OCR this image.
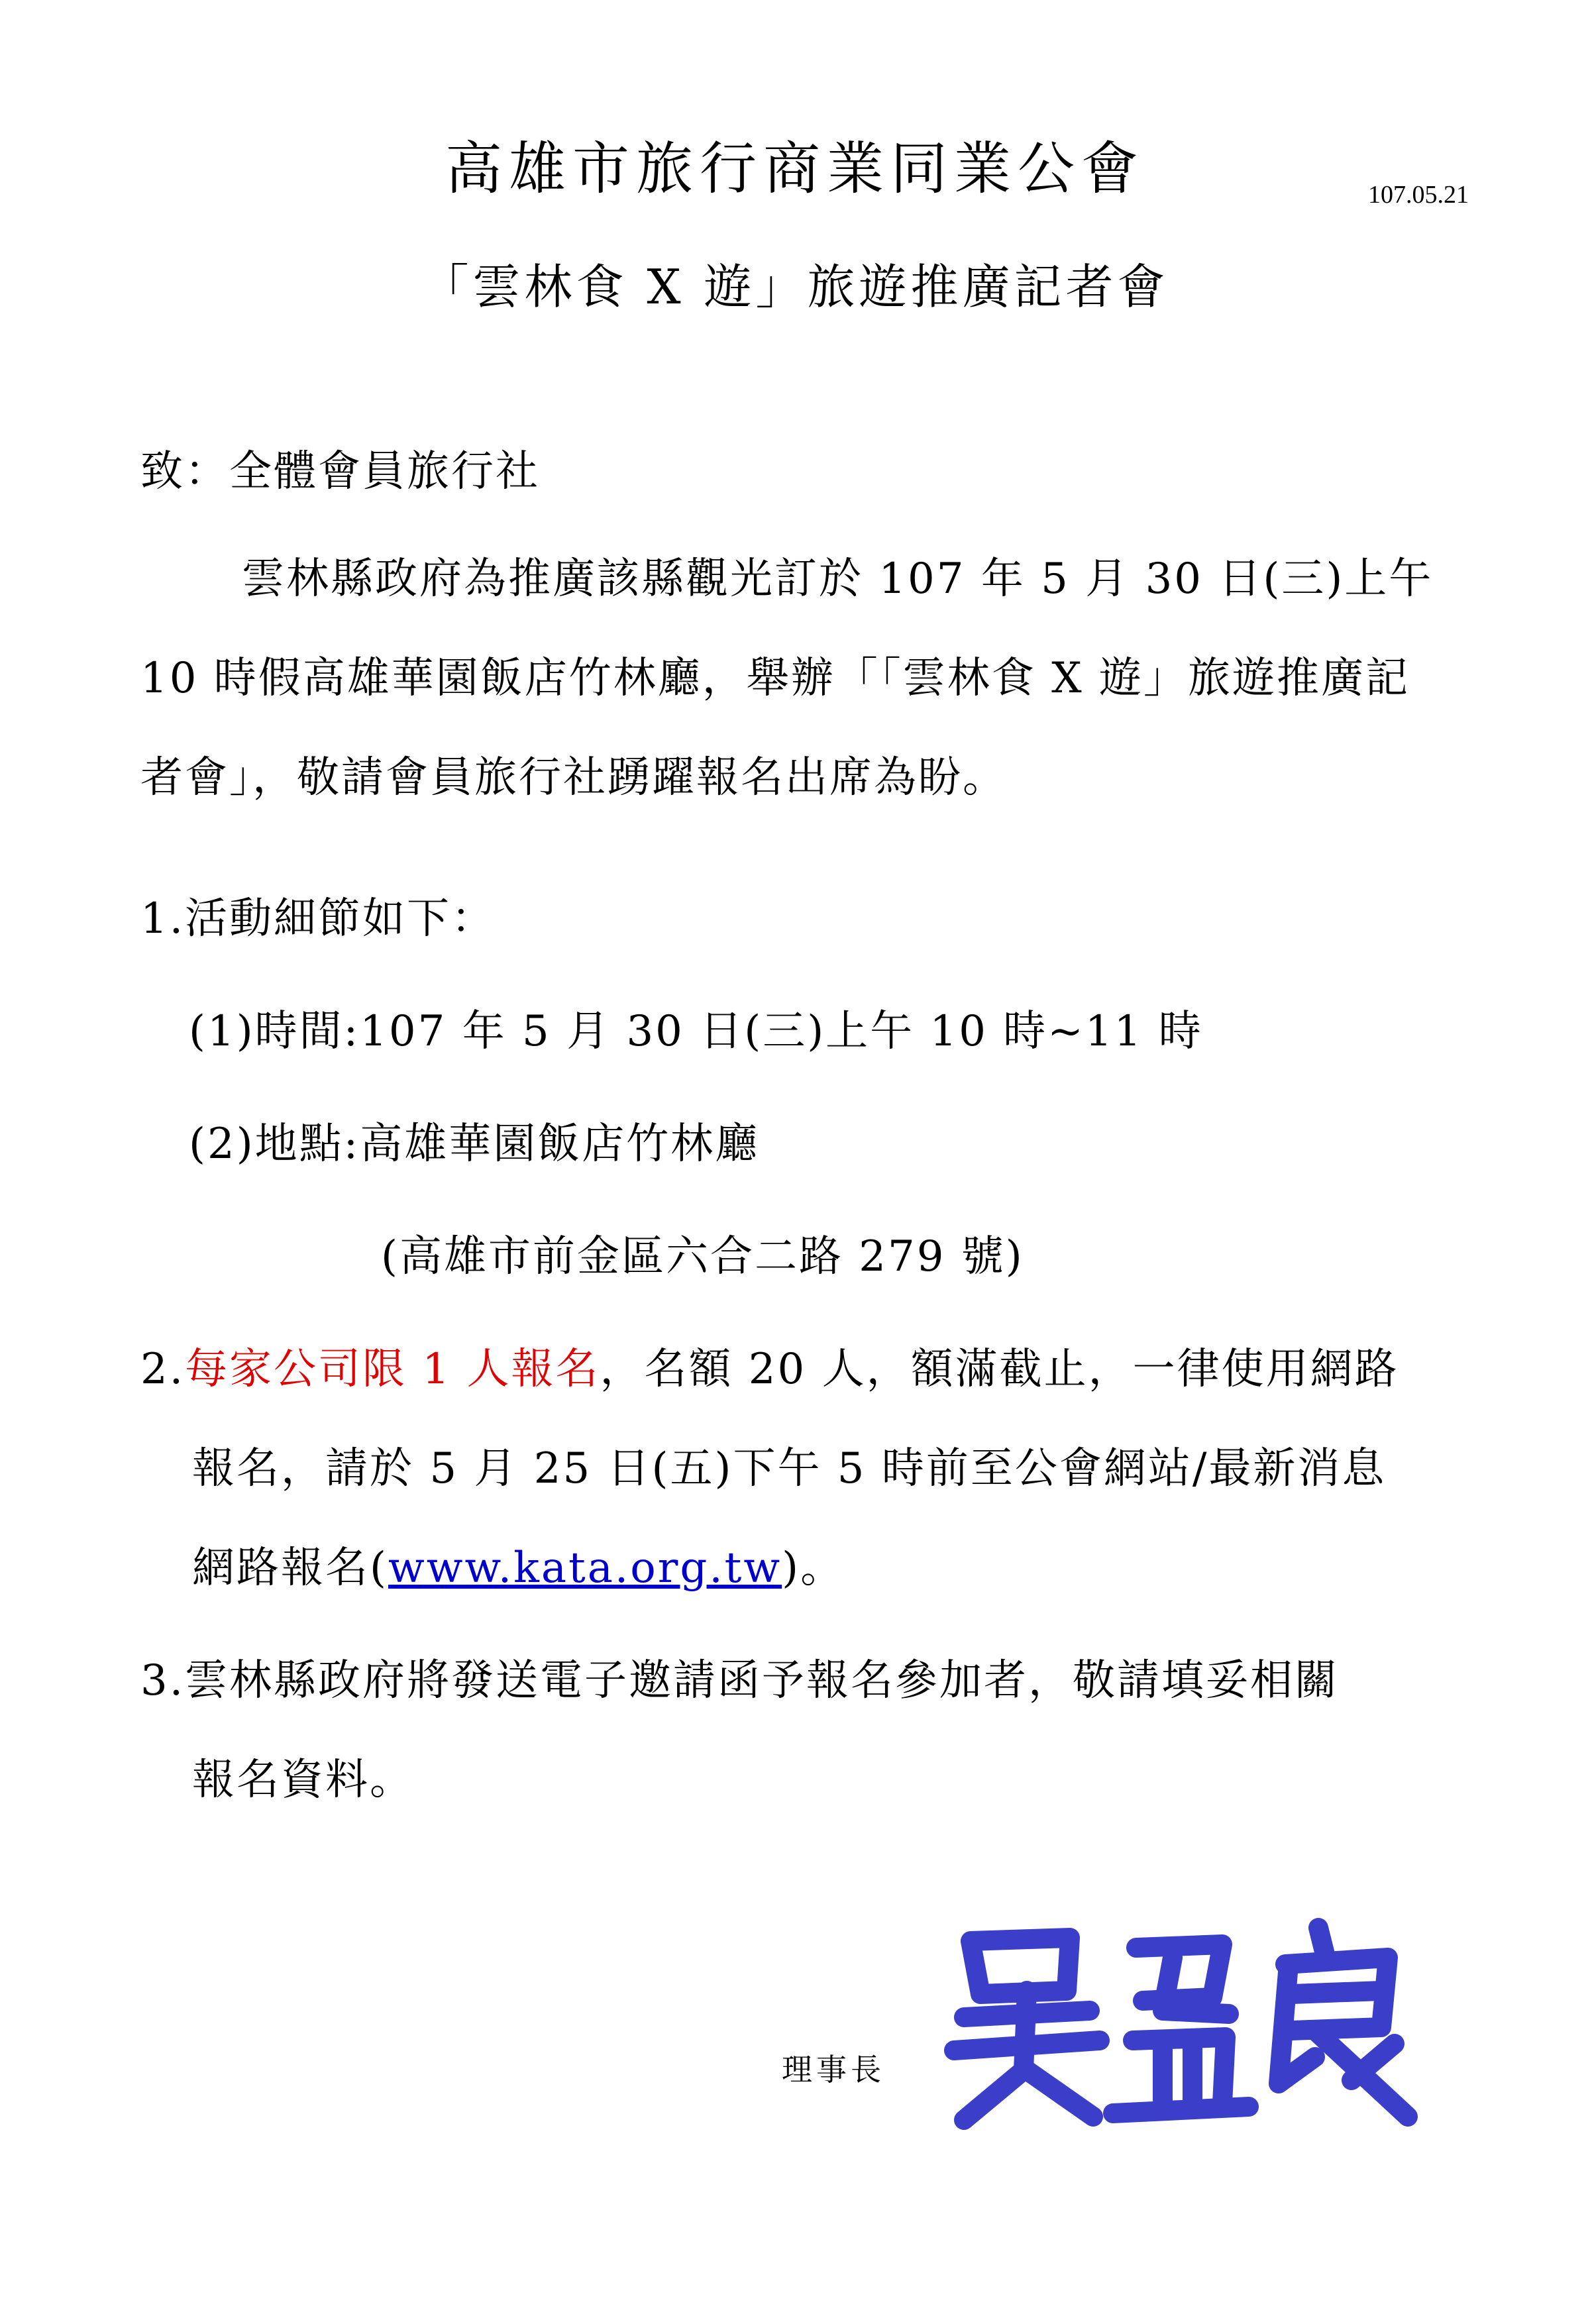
高雄市旅行商業同業公會	107.05.21
「雲林食 X 遊」旅遊推廣記者會
致：全體會員旅行社
雲林縣政府為推廣該縣觀光訂於 107 年 5 月 30 日(三)上午
10 時假高雄華園飯店竹林廳，舉辦「「雲林食 X 遊」旅遊推廣記
者會」，敬請會員旅行社踴躍報名出席為盼。
1.活動細節如下：
(1)時間:107 年 5 月 30 日(三)上午 10 時~11 時
(2)地點:高雄華園飯店竹林廳
(高雄市前金區六合二路 279 號)
2.每家公司限 1 人報名，名額 20 人，額滿截止，一律使用網路
報名，請於 5 月 25 日(五)下午 5 時前至公會網站/最新消息
網路報名(www.kata.org.tw)。
3.雲林縣政府將發送電子邀請函予報名參加者，敬請填妥相關
報名資料。
理事長
